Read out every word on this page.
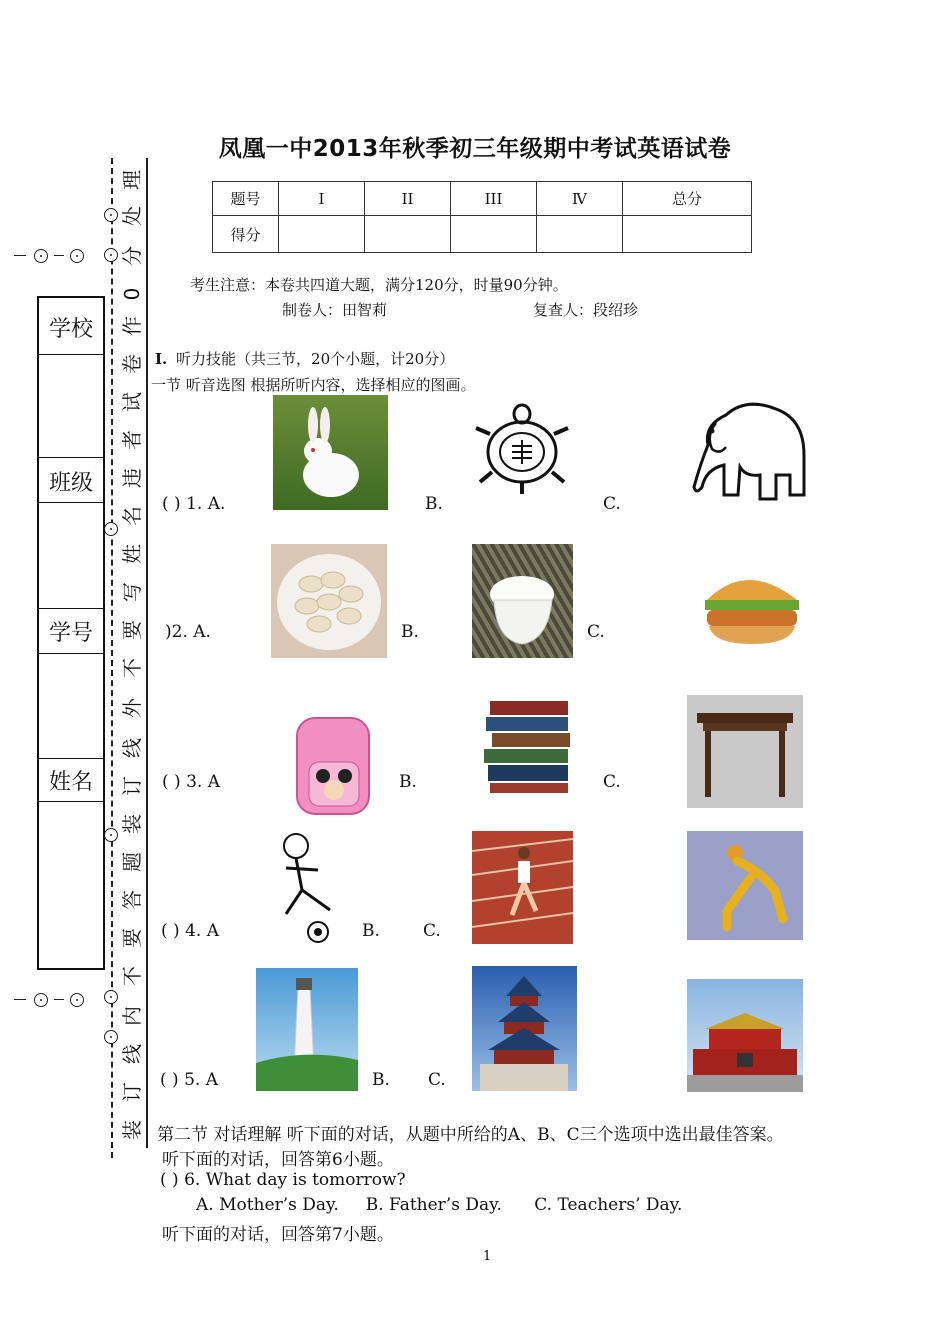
凤凰一中2013年秋季初三年级期中考试英语试卷
题号	I	II	III	Ⅳ	总分
得分					
考生注意：本卷共四道大题，满分120分，时量90分钟。
制卷人：田智莉	复查人：段绍珍
理
处
分
0
作
卷
试
者
违
名
姓
写
要
不
外
线
订
装
题
答
要
不
内
线
订
装
学校
班级
学号
姓名
I. 听力技能（共三节，20个小题，计20分）
一节 听音选图 根据所听内容，选择相应的图画。
( ) 1. A.	B.	C.
)2. A.	B.	C.
( ) 3. A	B.	C.
( ) 4. A	B.	C.
( ) 5. A	B. C.
第二节 对话理解 听下面的对话，从题中所给的A、B、C三个选项中选出最佳答案。
听下面的对话，回答第6小题。
( ) 6. What day is tomorrow?
A. Mother’s Day.     B. Father’s Day.      C. Teachers’ Day.
听下面的对话，回答第7小题。
1
